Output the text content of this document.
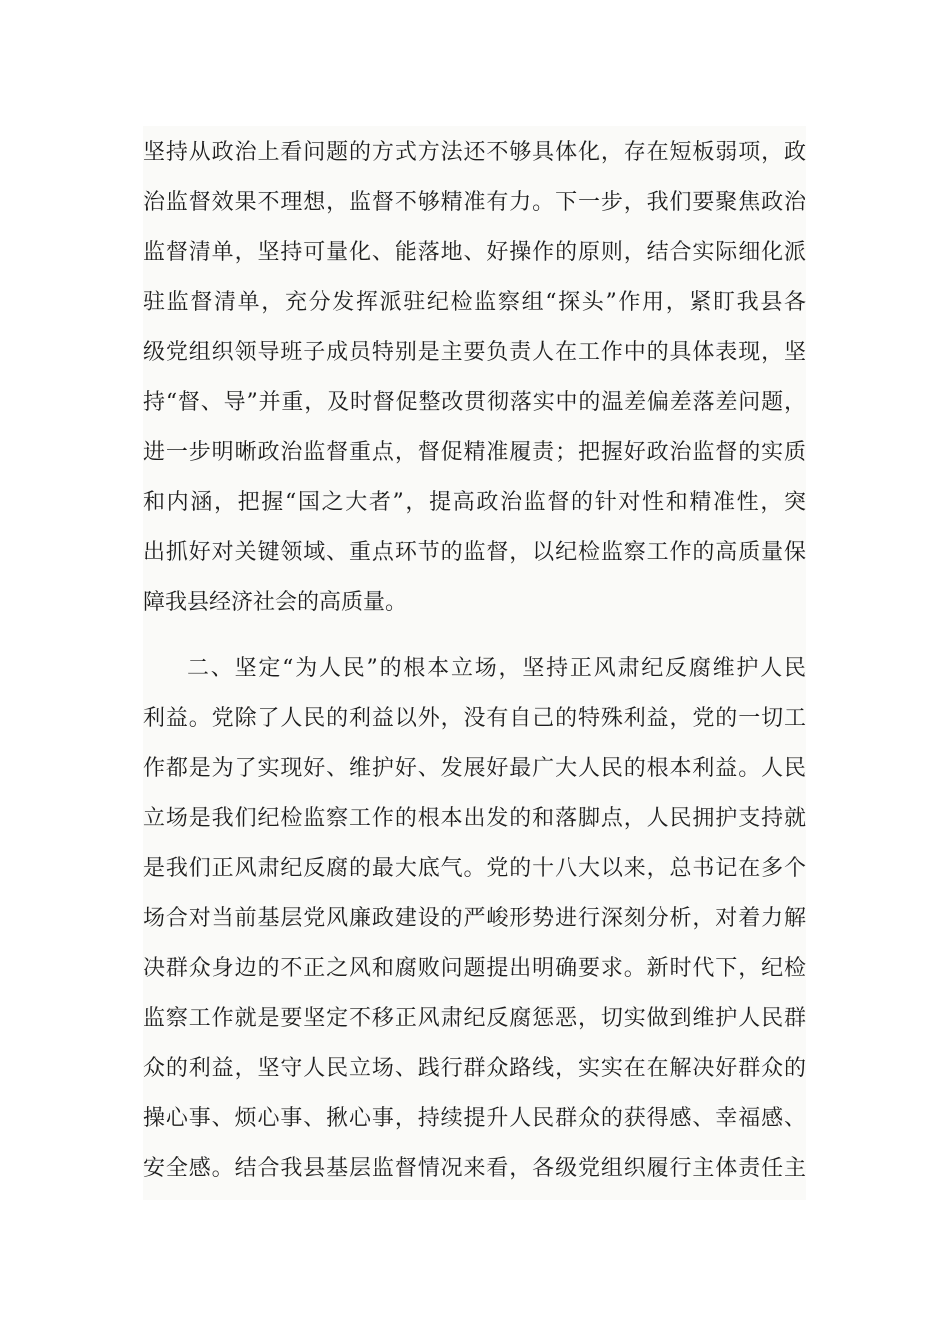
坚持从政治上看问题的方式方法还不够具体化，存在短板弱项，政
治监督效果不理想，监督不够精准有力。下一步，我们要聚焦政治
监督清单，坚持可量化、能落地、好操作的原则，结合实际细化派
驻监督清单，充分发挥派驻纪检监察组“探头”作用，紧盯我县各
级党组织领导班子成员特别是主要负责人在工作中的具体表现，坚
持“督、导”并重，及时督促整改贯彻落实中的温差偏差落差问题，
进一步明晰政治监督重点，督促精准履责；把握好政治监督的实质
和内涵，把握“国之大者”，提高政治监督的针对性和精准性，突
出抓好对关键领域、重点环节的监督，以纪检监察工作的高质量保
障我县经济社会的高质量。
二、坚定“为人民”的根本立场，坚持正风肃纪反腐维护人民
利益。党除了人民的利益以外，没有自己的特殊利益，党的一切工
作都是为了实现好、维护好、发展好最广大人民的根本利益。人民
立场是我们纪检监察工作的根本出发的和落脚点，人民拥护支持就
是我们正风肃纪反腐的最大底气。党的十八大以来，总书记在多个
场合对当前基层党风廉政建设的严峻形势进行深刻分析，对着力解
决群众身边的不正之风和腐败问题提出明确要求。新时代下，纪检
监察工作就是要坚定不移正风肃纪反腐惩恶，切实做到维护人民群
众的利益，坚守人民立场、践行群众路线，实实在在解决好群众的
操心事、烦心事、揪心事，持续提升人民群众的获得感、幸福感、
安全感。结合我县基层监督情况来看，各级党组织履行主体责任主
